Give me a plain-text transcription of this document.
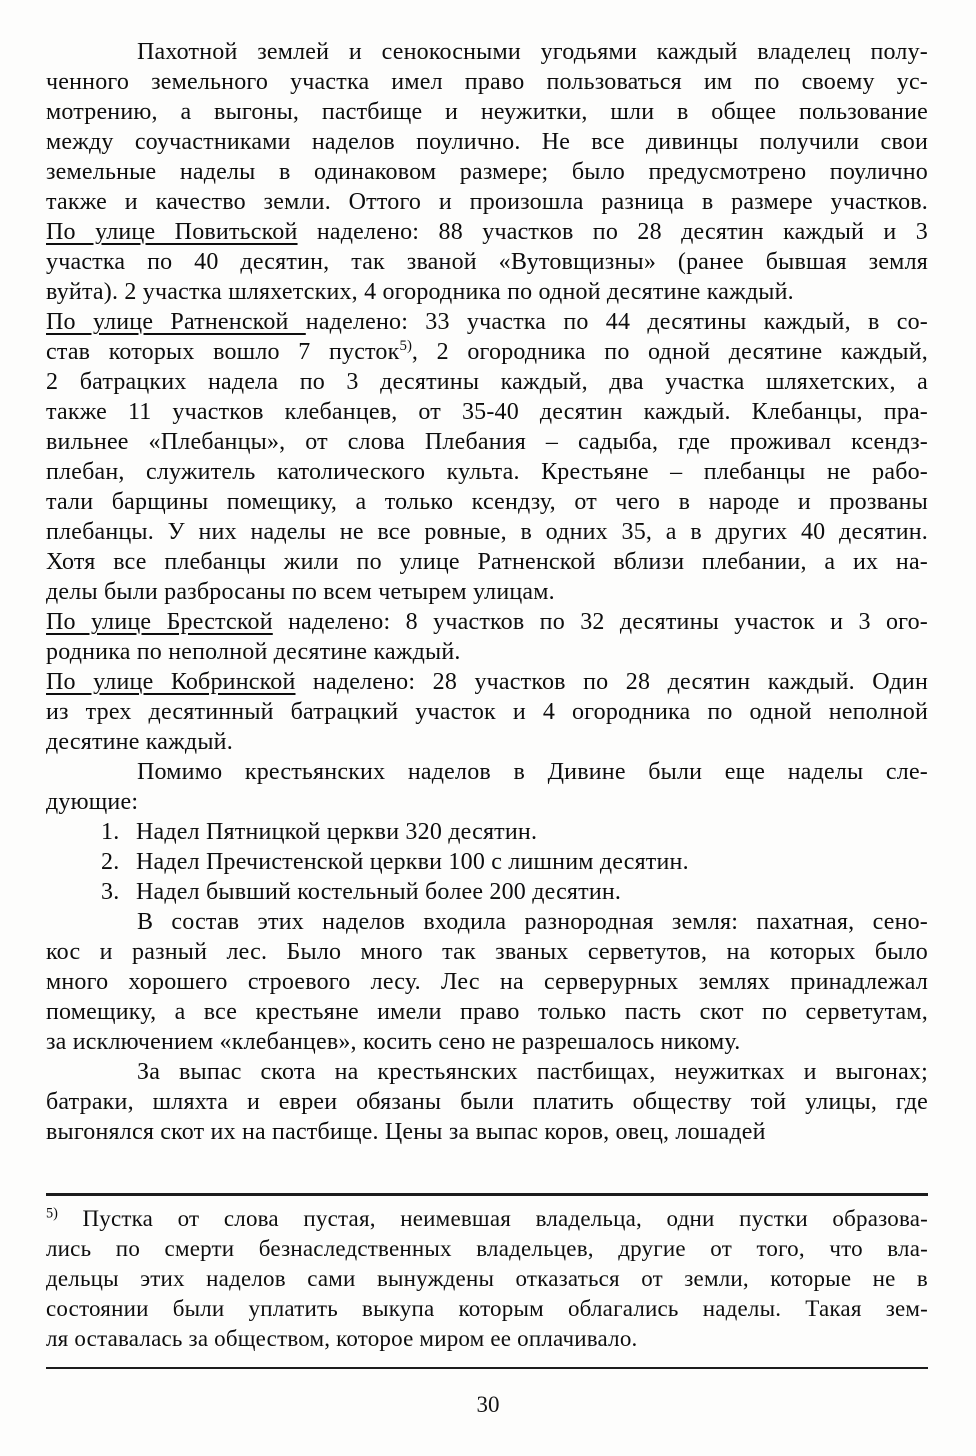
Пахотной землей и сенокосными угодьями каждый владелец полу-
ченного земельного участка имел право пользоваться им по своему ус-
мотрению, а выгоны, пастбище и неужитки, шли в общее пользование
между соучастниками наделов поулично. Не все дивинцы получили свои
земельные наделы в одинаковом размере; было предусмотрено поулично
также и качество земли. Оттого и произошла разница в размере участков.
По улице Повитьской наделено: 88 участков по 28 десятин каждый и 3
участка по 40 десятин, так званой «Вутовщизны» (ранее бывшая земля
вуйта). 2 участка шляхетских, 4 огородника по одной десятине каждый.
По улице Ратненской наделено: 33 участка по 44 десятины каждый, в со-
став которых вошло 7 пусток$^{5)}$, 2 огородника по одной десятине каждый,
2 батрацких надела по 3 десятины каждый, два участка шляхетских, а
также 11 участков клебанцев, от 35-40 десятин каждый. Клебанцы, пра-
вильнее «Плебанцы», от слова Плебания – садыба, где проживал ксендз-
плебан, служитель католического культа. Крестьяне – плебанцы не рабо-
тали барщины помещику, а только ксендзу, от чего в народе и прозваны
плебанцы. У них наделы не все ровные, в одних 35, а в других 40 десятин.
Хотя все плебанцы жили по улице Ратненской вблизи плебании, а их на-
делы были разбросаны по всем четырем улицам.
По улице Брестской наделено: 8 участков по 32 десятины участок и 3 ого-
родника по неполной десятине каждый.
По улице Кобринской наделено: 28 участков по 28 десятин каждый. Один
из трех десятинный батрацкий участок и 4 огородника по одной неполной
десятине каждый.
Помимо крестьянских наделов в Дивине были еще наделы сле-
дующие:
1. Надел Пятницкой церкви 320 десятин.
2. Надел Пречистенской церкви 100 с лишним десятин.
3. Надел бывший костельный более 200 десятин.
В состав этих наделов входила разнородная земля: пахатная, сено-
кос и разный лес. Было много так званых серветутов, на которых было
много хорошего строевого лесу. Лес на серверурных землях принадлежал
помещику, а все крестьяне имели право только пасть скот по серветутам,
за исключением «клебанцев», косить сено не разрешалось никому.
За выпас скота на крестьянских пастбищах, неужитках и выгонах;
батраки, шляхта и евреи обязаны были платить обществу той улицы, где
выгонялся скот их на пастбище. Цены за выпас коров, овец, лошадей
$^{5)}$ Пустка от слова пустая, неимевшая владельца, одни пустки образова-
лись по смерти безнаследственных владельцев, другие от того, что вла-
дельцы этих наделов сами вынуждены отказаться от земли, которые не в
состоянии были уплатить выкупа которым облагались наделы. Такая зем-
ля оставалась за обществом, которое миром ее оплачивало.
30
